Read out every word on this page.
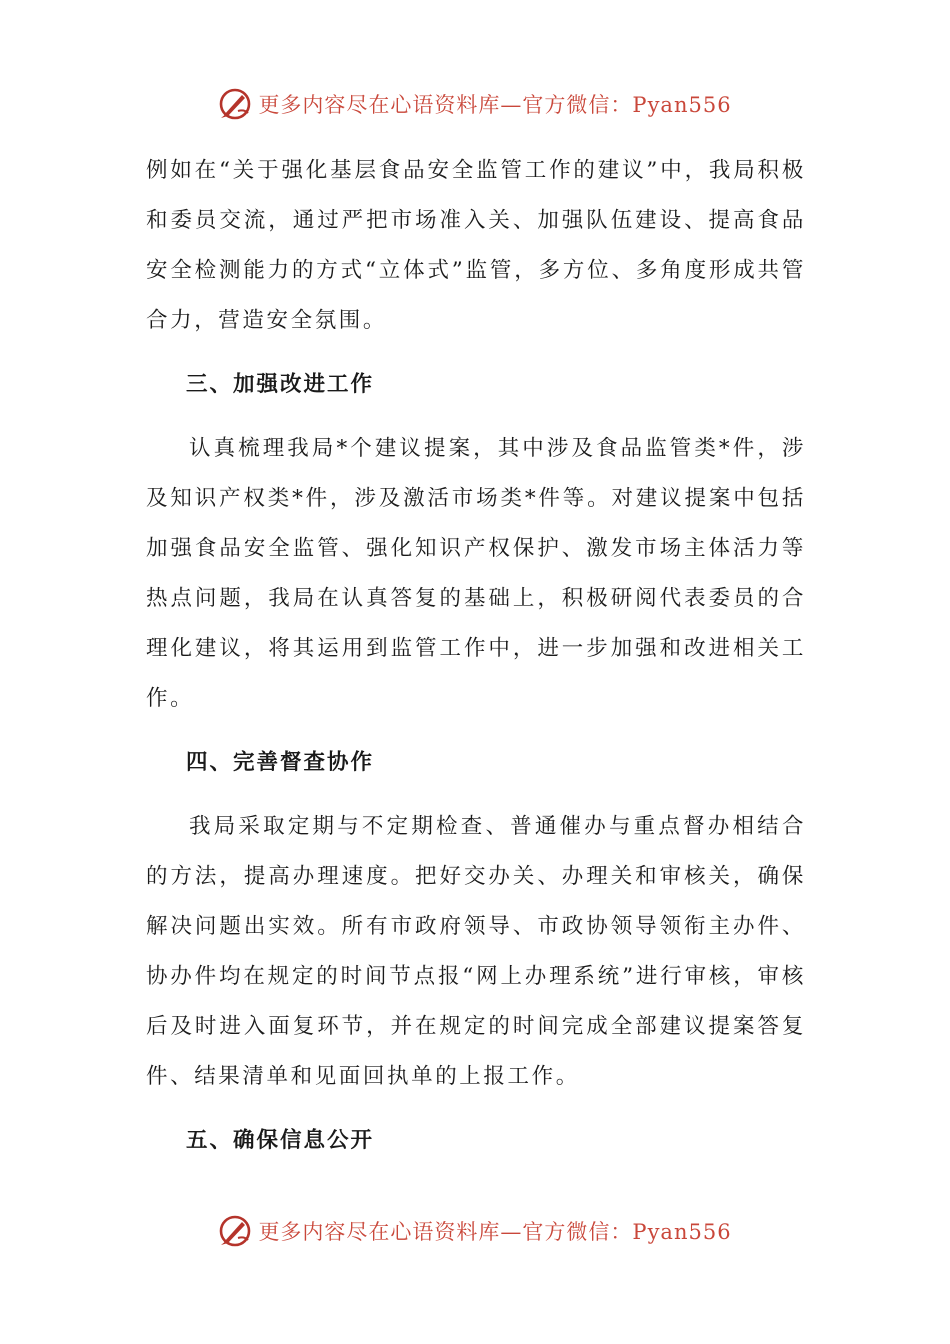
更多内容尽在心语资料库—官方微信：Pyan556

例如在“关于强化基层食品安全监管工作的建议”中，我局积极和委员交流，通过严把市场准入关、加强队伍建设、提高食品安全检测能力的方式“立体式”监管，多方位、多角度形成共管合力，营造安全氛围。

三、加强改进工作

认真梳理我局*个建议提案，其中涉及食品监管类*件，涉及知识产权类*件，涉及激活市场类*件等。对建议提案中包括加强食品安全监管、强化知识产权保护、激发市场主体活力等热点问题，我局在认真答复的基础上，积极研阅代表委员的合理化建议，将其运用到监管工作中，进一步加强和改进相关工作。

四、完善督查协作

我局采取定期与不定期检查、普通催办与重点督办相结合的方法，提高办理速度。把好交办关、办理关和审核关，确保解决问题出实效。所有市政府领导、市政协领导领衔主办件、协办件均在规定的时间节点报“网上办理系统”进行审核，审核后及时进入面复环节，并在规定的时间完成全部建议提案答复件、结果清单和见面回执单的上报工作。

五、确保信息公开

更多内容尽在心语资料库—官方微信：Pyan556
